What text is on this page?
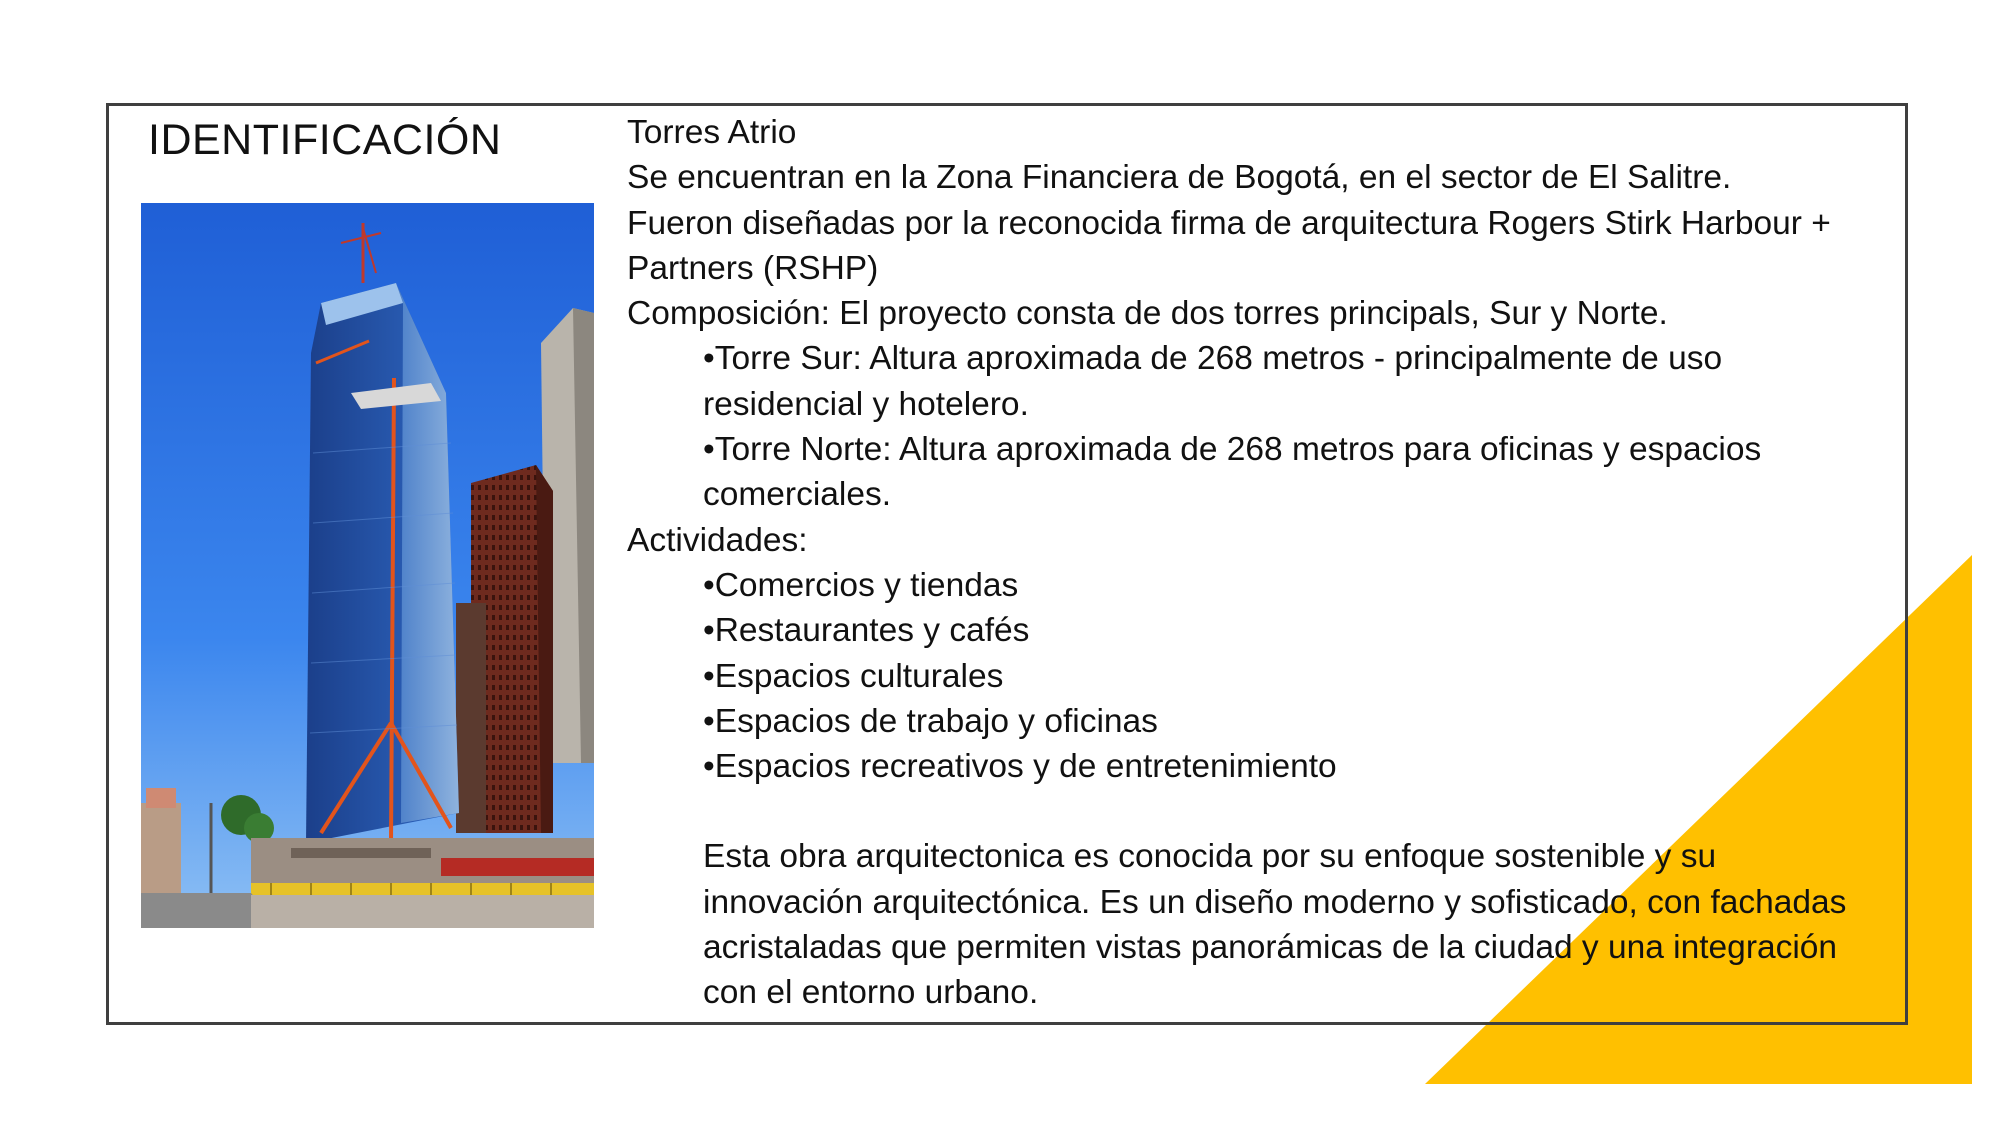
IDENTIFICACIÓN	Torres Atrio
Se encuentran en la Zona Financiera de Bogotá, en el sector de El Salitre.
Fueron diseñadas por la reconocida firma de arquitectura Rogers Stirk Harbour +
Partners (RSHP)
Composición: El proyecto consta de dos torres principals, Sur y Norte.
•Torre Sur: Altura aproximada de 268 metros - principalmente de uso
residencial y hotelero.
•Torre Norte: Altura aproximada de 268 metros para oficinas y espacios
comerciales.
Actividades:
•Comercios y tiendas
•Restaurantes y cafés
•Espacios culturales
•Espacios de trabajo y oficinas
•Espacios recreativos y de entretenimiento
Esta obra arquitectonica es conocida por su enfoque sostenible y su
innovación arquitectónica. Es un diseño moderno y sofisticado, con fachadas
acristaladas que permiten vistas panorámicas de la ciudad y una integración
con el entorno urbano.
